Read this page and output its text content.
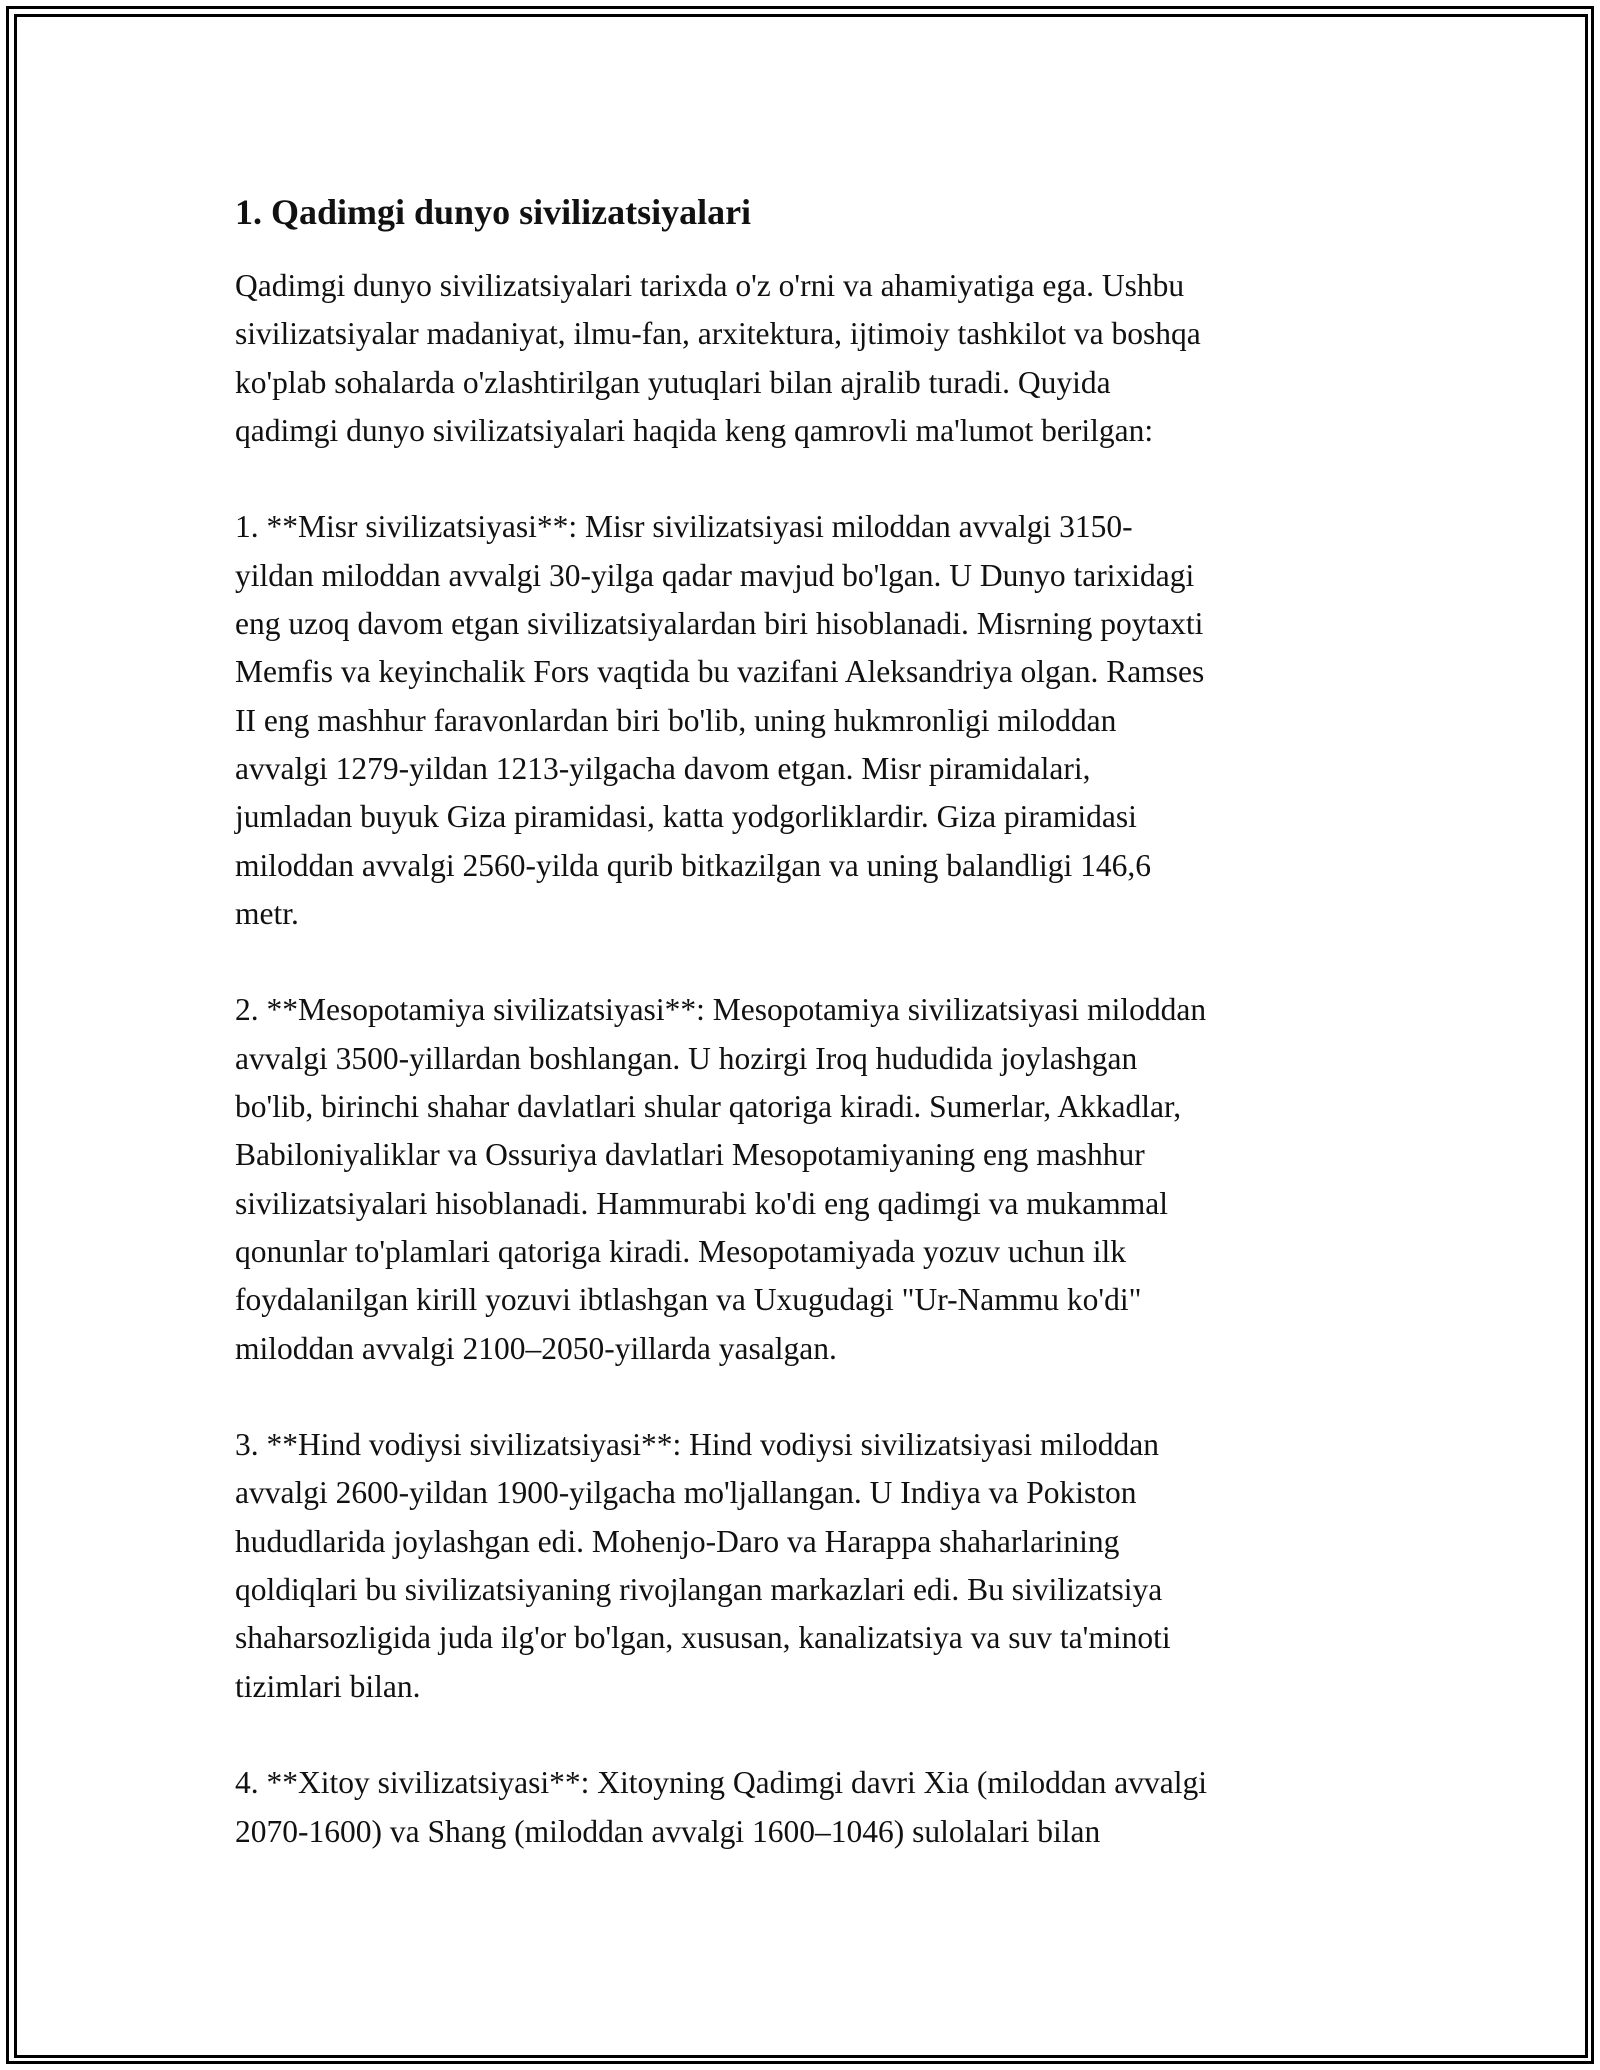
1. Qadimgi dunyo sivilizatsiyalari
Qadimgi dunyo sivilizatsiyalari tarixda o'z o'rni va ahamiyatiga ega. Ushbu
sivilizatsiyalar madaniyat, ilmu-fan, arxitektura, ijtimoiy tashkilot va boshqa
ko'plab sohalarda o'zlashtirilgan yutuqlari bilan ajralib turadi. Quyida
qadimgi dunyo sivilizatsiyalari haqida keng qamrovli ma'lumot berilgan:
1. **Misr sivilizatsiyasi**: Misr sivilizatsiyasi miloddan avvalgi 3150-
yildan miloddan avvalgi 30-yilga qadar mavjud bo'lgan. U Dunyo tarixidagi
eng uzoq davom etgan sivilizatsiyalardan biri hisoblanadi. Misrning poytaxti
Memfis va keyinchalik Fors vaqtida bu vazifani Aleksandriya olgan. Ramses
II eng mashhur faravonlardan biri bo'lib, uning hukmronligi miloddan
avvalgi 1279-yildan 1213-yilgacha davom etgan. Misr piramidalari,
jumladan buyuk Giza piramidasi, katta yodgorliklardir. Giza piramidasi
miloddan avvalgi 2560-yilda qurib bitkazilgan va uning balandligi 146,6
metr.
2. **Mesopotamiya sivilizatsiyasi**: Mesopotamiya sivilizatsiyasi miloddan
avvalgi 3500-yillardan boshlangan. U hozirgi Iroq hududida joylashgan
bo'lib, birinchi shahar davlatlari shular qatoriga kiradi. Sumerlar, Akkadlar,
Babiloniyaliklar va Ossuriya davlatlari Mesopotamiyaning eng mashhur
sivilizatsiyalari hisoblanadi. Hammurabi ko'di eng qadimgi va mukammal
qonunlar to'plamlari qatoriga kiradi. Mesopotamiyada yozuv uchun ilk
foydalanilgan kirill yozuvi ibtlashgan va Uxugudagi "Ur-Nammu ko'di"
miloddan avvalgi 2100–2050-yillarda yasalgan.
3. **Hind vodiysi sivilizatsiyasi**: Hind vodiysi sivilizatsiyasi miloddan
avvalgi 2600-yildan 1900-yilgacha mo'ljallangan. U Indiya va Pokiston
hududlarida joylashgan edi. Mohenjo-Daro va Harappa shaharlarining
qoldiqlari bu sivilizatsiyaning rivojlangan markazlari edi. Bu sivilizatsiya
shaharsozligida juda ilg'or bo'lgan, xususan, kanalizatsiya va suv ta'minoti
tizimlari bilan.
4. **Xitoy sivilizatsiyasi**: Xitoyning Qadimgi davri Xia (miloddan avvalgi
2070-1600) va Shang (miloddan avvalgi 1600–1046) sulolalari bilan
